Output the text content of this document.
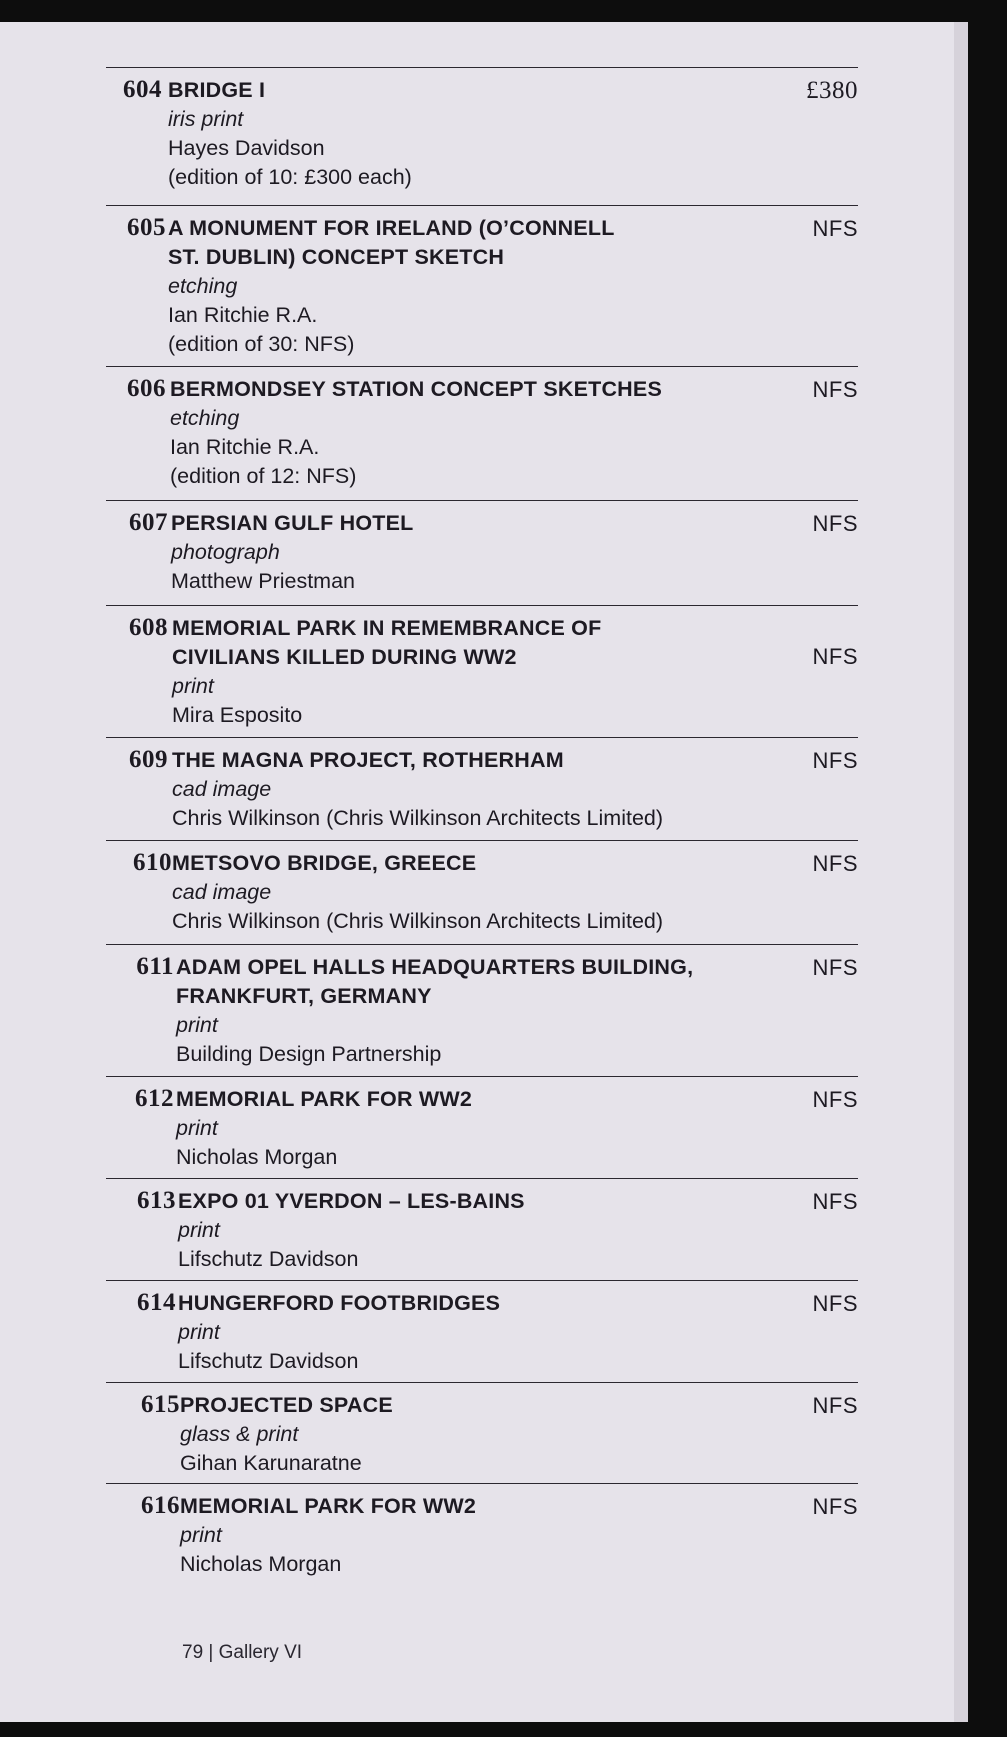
604 BRIDGE I
iris print
Hayes Davidson
(edition of 10: £300 each)
£380
605 A MONUMENT FOR IRELAND (O’CONNELL
ST. DUBLIN) CONCEPT SKETCH
etching
Ian Ritchie R.A.
(edition of 30: NFS)
NFS
606 BERMONDSEY STATION CONCEPT SKETCHES
etching
Ian Ritchie R.A.
(edition of 12: NFS)
NFS
607 PERSIAN GULF HOTEL
photograph
Matthew Priestman
NFS
608 MEMORIAL PARK IN REMEMBRANCE OF
CIVILIANS KILLED DURING WW2
print
Mira Esposito
NFS
609 THE MAGNA PROJECT, ROTHERHAM
cad image
Chris Wilkinson (Chris Wilkinson Architects Limited)
NFS
610 METSOVO BRIDGE, GREECE
cad image
Chris Wilkinson (Chris Wilkinson Architects Limited)
NFS
611 ADAM OPEL HALLS HEADQUARTERS BUILDING,
FRANKFURT, GERMANY
print
Building Design Partnership
NFS
612 MEMORIAL PARK FOR WW2
print
Nicholas Morgan
NFS
613 EXPO 01 YVERDON – LES-BAINS
print
Lifschutz Davidson
NFS
614 HUNGERFORD FOOTBRIDGES
print
Lifschutz Davidson
NFS
615 PROJECTED SPACE
glass & print
Gihan Karunaratne
NFS
616 MEMORIAL PARK FOR WW2
print
Nicholas Morgan
NFS
79 | Gallery VI
